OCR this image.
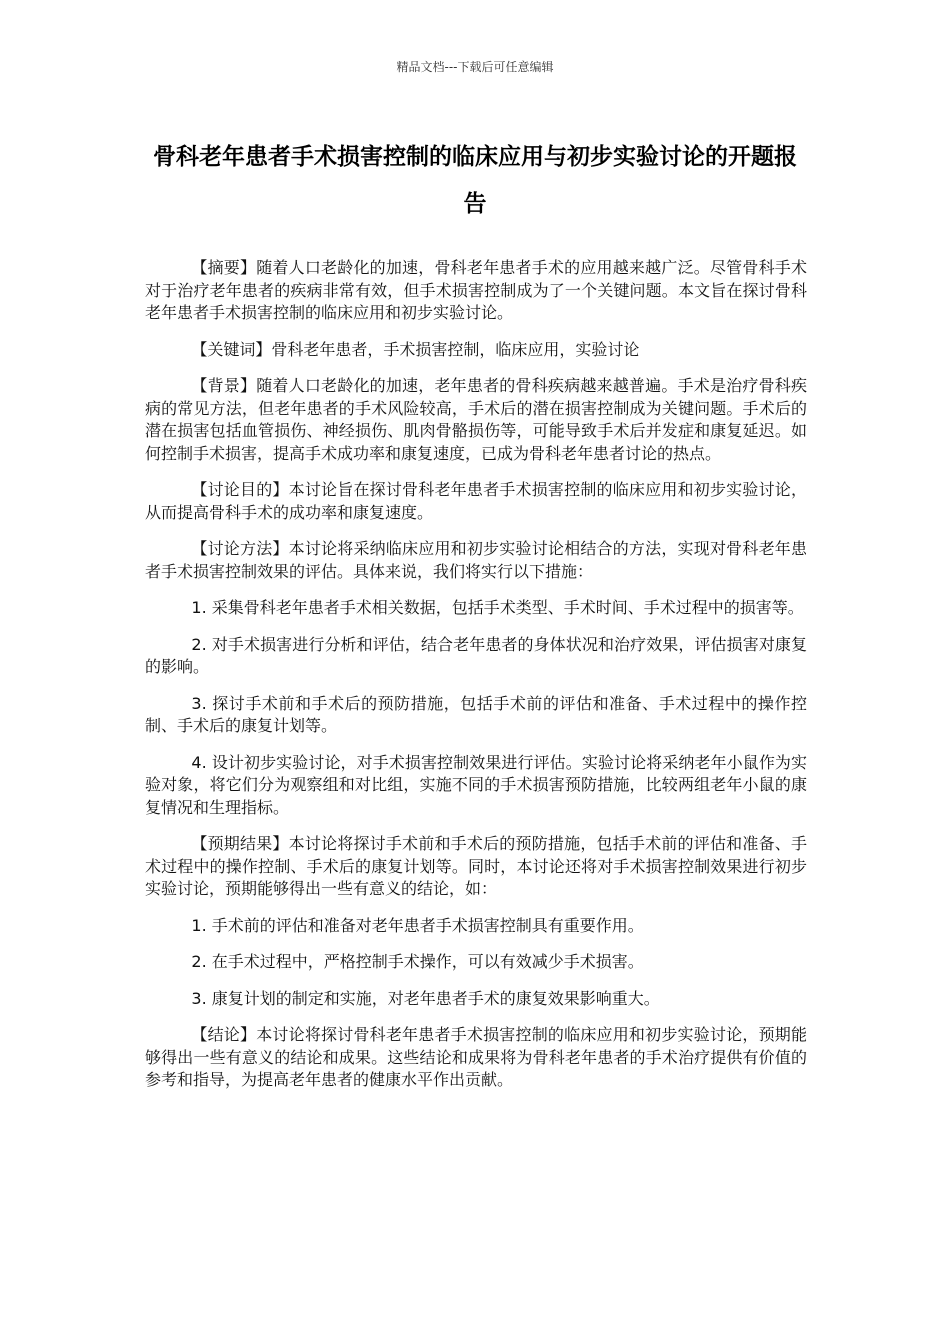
精品文档---下载后可任意编辑
骨科老年患者手术损害控制的临床应用与初步实验讨论的开题报告

【摘要】随着人口老龄化的加速，骨科老年患者手术的应用越来越广泛。尽管骨科手术对于治疗老年患者的疾病非常有效，但手术损害控制成为了一个关键问题。本文旨在探讨骨科老年患者手术损害控制的临床应用和初步实验讨论。

【关键词】骨科老年患者，手术损害控制，临床应用，实验讨论

【背景】随着人口老龄化的加速，老年患者的骨科疾病越来越普遍。手术是治疗骨科疾病的常见方法，但老年患者的手术风险较高，手术后的潜在损害控制成为关键问题。手术后的潜在损害包括血管损伤、神经损伤、肌肉骨骼损伤等，可能导致手术后并发症和康复延迟。如何控制手术损害，提高手术成功率和康复速度，已成为骨科老年患者讨论的热点。

【讨论目的】本讨论旨在探讨骨科老年患者手术损害控制的临床应用和初步实验讨论，从而提高骨科手术的成功率和康复速度。

【讨论方法】本讨论将采纳临床应用和初步实验讨论相结合的方法，实现对骨科老年患者手术损害控制效果的评估。具体来说，我们将实行以下措施：

1. 采集骨科老年患者手术相关数据，包括手术类型、手术时间、手术过程中的损害等。

2. 对手术损害进行分析和评估，结合老年患者的身体状况和治疗效果，评估损害对康复的影响。

3. 探讨手术前和手术后的预防措施，包括手术前的评估和准备、手术过程中的操作控制、手术后的康复计划等。

4. 设计初步实验讨论，对手术损害控制效果进行评估。实验讨论将采纳老年小鼠作为实验对象，将它们分为观察组和对比组，实施不同的手术损害预防措施，比较两组老年小鼠的康复情况和生理指标。

【预期结果】本讨论将探讨手术前和手术后的预防措施，包括手术前的评估和准备、手术过程中的操作控制、手术后的康复计划等。同时，本讨论还将对手术损害控制效果进行初步实验讨论，预期能够得出一些有意义的结论，如：

1. 手术前的评估和准备对老年患者手术损害控制具有重要作用。

2. 在手术过程中，严格控制手术操作，可以有效减少手术损害。

3. 康复计划的制定和实施，对老年患者手术的康复效果影响重大。

【结论】本讨论将探讨骨科老年患者手术损害控制的临床应用和初步实验讨论，预期能够得出一些有意义的结论和成果。这些结论和成果将为骨科老年患者的手术治疗提供有价值的参考和指导，为提高老年患者的健康水平作出贡献。
